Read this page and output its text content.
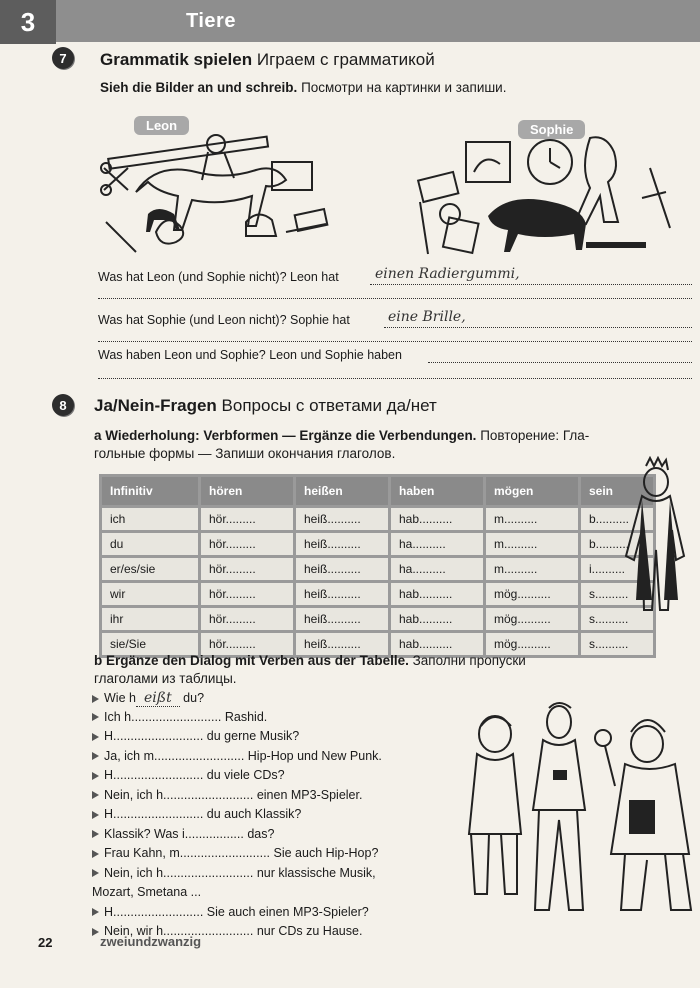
3	Tiere
7	Grammatik spielen Играем с грамматикой
Sieh die Bilder an und schreib. Посмотри на картинки и запиши.
Leon	Sophie
Was hat Leon (und Sophie nicht)? Leon hat	einen Radiergummi,
Was hat Sophie (und Leon nicht)? Sophie hat	eine Brille,
Was haben Leon und Sophie? Leon und Sophie haben
8	Ja/Nein-Fragen Вопросы с ответами да/нет
a Wiederholung: Verbformen — Ergänze die Verbendungen. Повторение: Гла-
гольные формы — Запиши окончания глаголов.
Infinitiv	hören	heißen	haben	mögen	sein
ich	hör.........	heiß..........	hab..........	m..........	b..........
du	hör.........	heiß..........	ha..........	m..........	b..........
er/es/sie	hör.........	heiß..........	ha..........	m..........	i..........
wir	hör.........	heiß..........	hab..........	mög..........	s..........
ihr	hör.........	heiß..........	hab..........	mög..........	s..........
sie/Sie	hör.........	heiß..........	hab..........	mög..........	s..........
b Ergänze den Dialog mit Verben aus der Tabelle. Заполни пропуски
глаголами из таблицы.
Wie h eißt du?
Ich h.......................... Rashid.
H.......................... du gerne Musik?
Ja, ich m.......................... Hip-Hop und New Punk.
H.......................... du viele CDs?
Nein, ich h.......................... einen MP3-Spieler.
H.......................... du auch Klassik?
Klassik? Was i................. das?
Frau Kahn, m.......................... Sie auch Hip-Hop?
Nein, ich h.......................... nur klassische Musik,
Mozart, Smetana ...
H.......................... Sie auch einen MP3-Spieler?
Nein, wir h.......................... nur CDs zu Hause.
22	zweiundzwanzig
